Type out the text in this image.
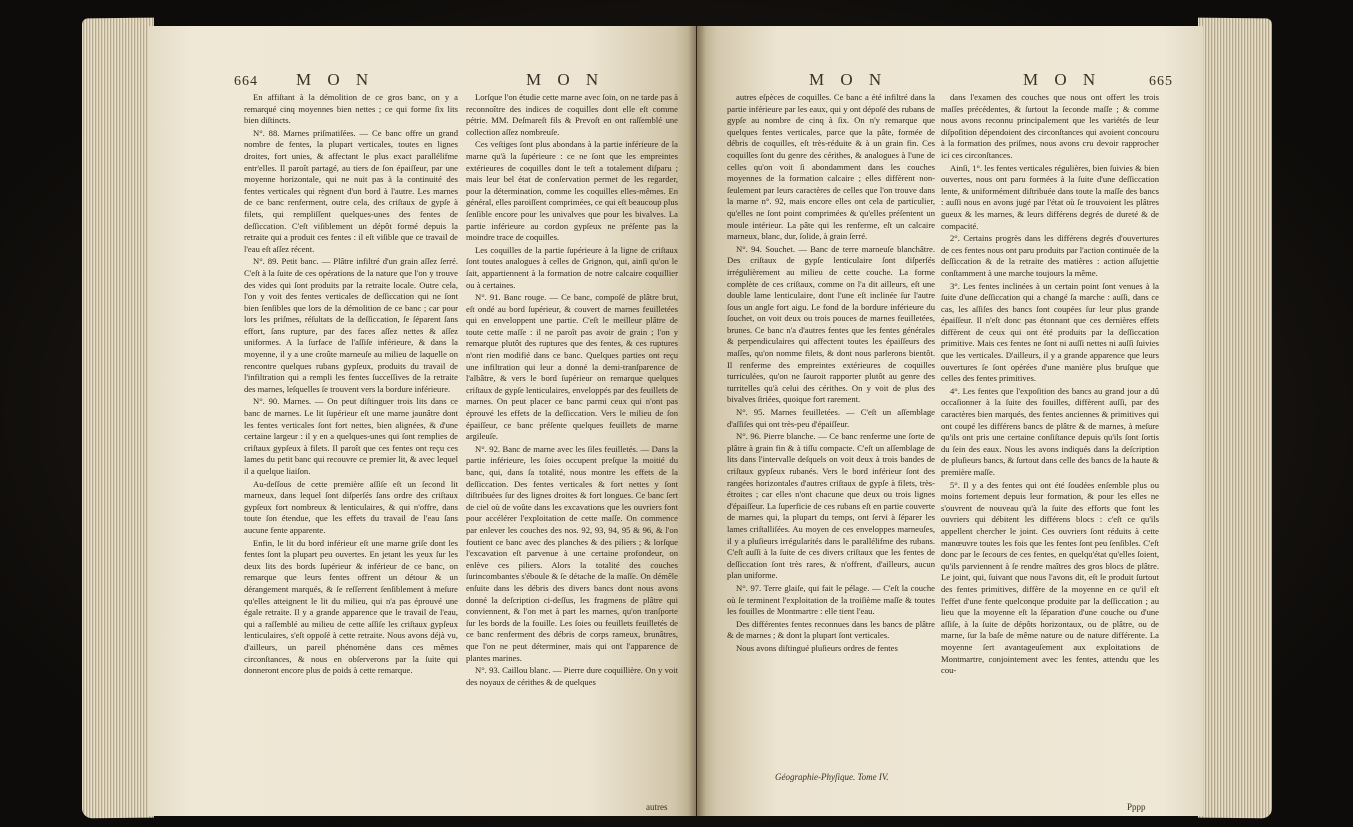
664 M O N	M O N

En affiſtant à la démolition de ce gros banc, on y a remarqué cinq moyennes bien nettes ; ce qui forme ſix lits bien diſtincts.

N°. 88. Marnes priſmatiſées. — Ce banc offre un grand nombre de fentes, la plupart verticales, toutes en lignes droites, fort unies, & affectant le plus exact parallélifme entr'elles. Il paroît partagé, au tiers de ſon épaiſſeur, par une moyenne horizontale, qui ne nuit pas à la continuité des fentes verticales qui règnent d'un bord à l'autre. Les marnes de ce banc renferment, outre cela, des criſtaux de gypſe à filets, qui rempliſſent quelques-unes des fentes de deſſiccation. C'eſt viſiblement un dépôt formé depuis la retraite qui a produit ces fentes : il eſt viſible que ce travail de l'eau eſt aſſez récent.

N°. 89. Petit banc. — Plâtre infiltré d'un grain aſſez ſerré. C'eſt à la ſuite de ces opérations de la nature que l'on y trouve des vides qui ſont produits par la retraite locale. Outre cela, l'on y voit des fentes verticales de deſſiccation qui ne ſont bien ſenſibles que lors de la démolition de ce banc ; car pour lors les priſmes, réſultats de la deſſiccation, ſe ſéparent ſans effort, ſans rupture, par des faces aſſez nettes & aſſez uniformes. A la ſurface de l'aſſiſe inférieure, & dans la moyenne, il y a une croûte marneuſe au milieu de laquelle on rencontre quelques rubans gypſeux, produits du travail de l'infiltration qui a rempli les fentes ſucceſſives de la retraite des marnes, leſquelles ſe trouvent vers la bordure inférieure.

N°. 90. Marnes. — On peut diſtinguer trois lits dans ce banc de marnes. Le lit ſupérieur eſt une marne jaunâtre dont les fentes verticales ſont fort nettes, bien alignées, & d'une certaine largeur : il y en a quelques-unes qui ſont remplies de criſtaux gypſeux à filets. Il paroît que ces fentes ont reçu ces lames du petit banc qui recouvre ce premier lit, & avec lequel il a quelque liaiſon.

Au-deſſous de cette première aſſiſe eſt un ſecond lit marneux, dans lequel ſont diſperſés ſans ordre des criſtaux gypſeux fort nombreux & lenticulaires, & qui n'offre, dans toute ſon étendue, que les effets du travail de l'eau ſans aucune fente apparente.

Enfin, le lit du bord inférieur eſt une marne griſe dont les fentes ſont la plupart peu ouvertes. En jetant les yeux ſur les deux lits des bords ſupérieur & inférieur de ce banc, on remarque que leurs fentes offrent un détour & un dérangement marqués, & ſe reſſerrent ſenſiblement à meſure qu'elles atteignent le lit du milieu, qui n'a pas éprouvé une égale retraite. Il y a grande apparence que le travail de l'eau, qui a raſſemblé au milieu de cette aſſiſe les criſtaux gypſeux lenticulaires, s'eſt oppoſé à cette retraite. Nous avons déjà vu, d'ailleurs, un pareil phénomène dans ces mêmes circonſtances, & nous en obſerverons par la ſuite qui donneront encore plus de poids à cette remarque.

Lorſque l'on étudie cette marne avec ſoin, on ne tarde pas à reconnoître des indices de coquilles dont elle eſt comme pétrie. MM. Deſmareſt fils & Prevoſt en ont raſſemblé une collection aſſez nombreuſe.

Ces veſtiges ſont plus abondans à la partie inférieure de la marne qu'à la ſupérieure : ce ne ſont que les empreintes extérieures de coquilles dont le teſt a totalement diſparu ; mais leur bel état de conſervation permet de les regarder, pour la détermination, comme les coquilles elles-mêmes. En général, elles paroiſſent comprimées, ce qui eſt beaucoup plus ſenſible encore pour les univalves que pour les bivalves. La partie inférieure au cordon gypſeux ne préſente pas la moindre trace de coquilles.

Les coquilles de la partie ſupérieure à la ligne de criſtaux ſont toutes analogues à celles de Grignon, qui, ainſi qu'on le ſait, appartiennent à la formation de notre calcaire coquillier ou à certaines.

N°. 91. Banc rouge. — Ce banc, compoſé de plâtre brut, eſt ondé au bord ſupérieur, & couvert de marnes feuilletées qui en enveloppent une partie. C'eſt le meilleur plâtre de toute cette maſſe : il ne paroît pas avoir de grain ; l'on y remarque plutôt des ruptures que des fentes, & ces ruptures n'ont rien modifié dans ce banc. Quelques parties ont reçu une infiltration qui leur a donné la demi-tranſparence de l'albâtre, & vers le bord ſupérieur on remarque quelques criſtaux de gypſe lenticulaires, enveloppés par des feuillets de marnes. On peut placer ce banc parmi ceux qui n'ont pas éprouvé les effets de la deſſiccation. Vers le milieu de ſon épaiſſeur, ce banc préſente quelques feuillets de marne argileuſe.

N°. 92. Banc de marne avec les ſiles feuilletés. — Dans la partie inférieure, les ſoies occupent preſque la moitié du banc, qui, dans ſa totalité, nous montre les effets de la deſſiccation. Des fentes verticales & fort nettes y ſont diſtribuées ſur des lignes droites & fort longues. Ce banc ſert de ciel où de voûte dans les excavations que les ouvriers font pour accélérer l'exploitation de cette maſſe. On commence par enlever les couches des nos. 92, 93, 94, 95 & 96, & l'on foutient ce banc avec des planches & des piliers ; & lorſque l'excavation eſt parvenue à une certaine profondeur, on enlève ces piliers. Alors la totalité des couches ſurincombantes s'éboule & ſe détache de la maſſe. On démêle enſuite dans les débris des divers bancs dont nous avons donné la deſcription ci-deſſus, les fragmens de plâtre qui conviennent, & l'on met à part les marnes, qu'on tranſporte ſur les bords de la fouille. Les ſoies ou feuillets feuilletés de ce banc renferment des débris de corps rameux, brunâtres, que l'on ne peut déterminer, mais qui ont l'apparence de plantes marines.

N°. 93. Caillou blanc. — Pierre dure coquillière. On y voit des noyaux de cérithes & de quelques

autres
M O N	M O N	665

autres eſpèces de coquilles. Ce banc a été infiltré dans la partie inférieure par les eaux, qui y ont dépoſé des rubans de gypſe au nombre de cinq à ſix. On n'y remarque que quelques fentes verticales, parce que la pâte, formée de débris de coquilles, eſt très-réduite & à un grain fin. Ces coquilles ſont du genre des cérithes, & analogues à l'une de celles qu'on voit ſi abondamment dans les couches moyennes de la formation calcaire ; elles diffèrent non-ſeulement par leurs caractères de celles que l'on trouve dans la marne n°. 92, mais encore elles ont cela de particulier, qu'elles ne ſont point comprimées & qu'elles préſentent un moule intérieur. La pâte qui les renferme, eſt un calcaire marneux, blanc, dur, ſolide, à grain ſerré.

N°. 94. Souchet. — Banc de terre marneuſe blanchâtre. Des criſtaux de gypſe lenticulaire ſont diſperſés irrégulièrement au milieu de cette couche. La forme complète de ces criſtaux, comme on l'a dit ailleurs, eſt une double lame lenticulaire, dont l'une eſt inclinée ſur l'autre ſous un angle fort aigu. Le fond de la bordure inférieure du ſouchet, on voit deux ou trois pouces de marnes feuilletées, brunes. Ce banc n'a d'autres fentes que les fentes générales & perpendiculaires qui affectent toutes les épaiſſeurs des maſſes, qu'on nomme filets, & dont nous parlerons bientôt. Il renferme des empreintes extérieures de coquilles turriculées, qu'on ne ſauroit rapporter plutôt au genre des turritelles qu'à celui des cérithes. On y voit de plus des bivalves ſtriées, quoique fort rarement.

N°. 95. Marnes feuilletées. — C'eſt un aſſemblage d'aſſiſes qui ont très-peu d'épaiſſeur.

N°. 96. Pierre blanche. — Ce banc renferme une ſorte de plâtre à grain fin & à tiſſu compacte. C'eſt un aſſemblage de lits dans l'intervalle deſquels on voit deux à trois bandes de criſtaux gypſeux rubanés. Vers le bord inférieur ſont des rangées horizontales d'autres criſtaux de gypſe à filets, très-étroites ; car elles n'ont chacune que deux ou trois lignes d'épaiſſeur. La ſuperficie de ces rubans eſt en partie couverte de marnes qui, la plupart du temps, ont ſervi à ſéparer les lames criſtalliſées. Au moyen de ces enveloppes marneuſes, il y a pluſieurs irrégularités dans le parallélifme des rubans. C'eſt auſſi à la ſuite de ces divers criſtaux que les fentes de deſſiccation ſont très rares, & n'offrent, d'ailleurs, aucun plan uniforme.

N°. 97. Terre glaiſe, qui fait le pélage. — C'eſt la couche où ſe terminent l'exploitation de la troiſième maſſe & toutes les fouilles de Montmartre : elle tient l'eau.

Des différentes fentes reconnues dans les bancs de plâtre & de marnes ; & dont la plupart ſont verticales.

Nous avons diſtingué pluſieurs ordres de fentes

dans l'examen des couches que nous ont offert les trois maſſes précédentes, & ſurtout la ſeconde maſſe ; & comme nous avons reconnu principalement que les variétés de leur diſpoſition dépendoient des circonſtances qui avoient concouru à la formation des priſmes, nous avons cru devoir rapprocher ici ces circonſtances.

Ainſi, 1°. les fentes verticales régulières, bien ſuivies & bien ouvertes, nous ont paru formées à la ſuite d'une deſſiccation lente, & uniformément diſtribuée dans toute la maſſe des bancs : auſſi nous en avons jugé par l'état où ſe trouvoient les plâtres gueux & les marnes, & leurs différens degrés de dureté & de compacité.

2°. Certains progrès dans les différens degrés d'ouvertures de ces fentes nous ont paru produits par l'action continuée de la deſſiccation & de la retraite des matières : action aſſujettie conſtamment à une marche toujours la même.

3°. Les fentes inclinées à un certain point ſont venues à la ſuite d'une deſſiccation qui a changé ſa marche : auſſi, dans ce cas, les aſſiſes des bancs ſont coupées ſur leur plus grande épaiſſeur. Il n'eſt donc pas étonnant que ces dernières effets diffèrent de ceux qui ont été produits par la deſſiccation primitive. Mais ces fentes ne ſont ni auſſi nettes ni auſſi ſuivies que les verticales. D'ailleurs, il y a grande apparence que leurs ouvertures ſe ſont opérées d'une manière plus bruſque que celles des fentes primitives.

4°. Les fentes que l'expoſition des bancs au grand jour a dû occaſionner à la ſuite des fouilles, diffèrent auſſi, par des caractères bien marqués, des fentes anciennes & primitives qui ont coupé les différens bancs de plâtre & de marnes, à meſure qu'ils ont pris une certaine conſiſtance depuis qu'ils ſont ſortis du ſein des eaux. Nous les avons indiqués dans la deſcription de pluſieurs bancs, & ſurtout dans celle des bancs de la haute & première maſſe.

5°. Il y a des fentes qui ont été ſoudées enſemble plus ou moins fortement depuis leur formation, & pour les elles ne s'ouvrent de nouveau qu'à la ſuite des efforts que font les ouvriers qui débitent les différens blocs : c'eſt ce qu'ils appellent chercher le joint. Ces ouvriers ſont réduits à cette manœuvre toutes les fois que les fentes ſont peu ſenſibles. C'eſt donc par le ſecours de ces fentes, en quelqu'état qu'elles ſoient, qu'ils parviennent à ſe rendre maîtres des gros blocs de plâtre. Le joint, qui, ſuivant que nous l'avons dit, eſt le produit ſurtout des fentes primitives, diffère de la moyenne en ce qu'il eſt l'effet d'une fente quelconque produite par la deſſiccation ; au lieu que la moyenne eſt la ſéparation d'une couche ou d'une aſſiſe, à la ſuite de dépôts horizontaux, ou de plâtre, ou de marne, ſur la baſe de même nature ou de nature différente. La moyenne ſert avantageuſement aux exploitations de Montmartre, conjointement avec les fentes, attendu que les cou-

Géographie-Phyſique. Tome IV.
Pppp
